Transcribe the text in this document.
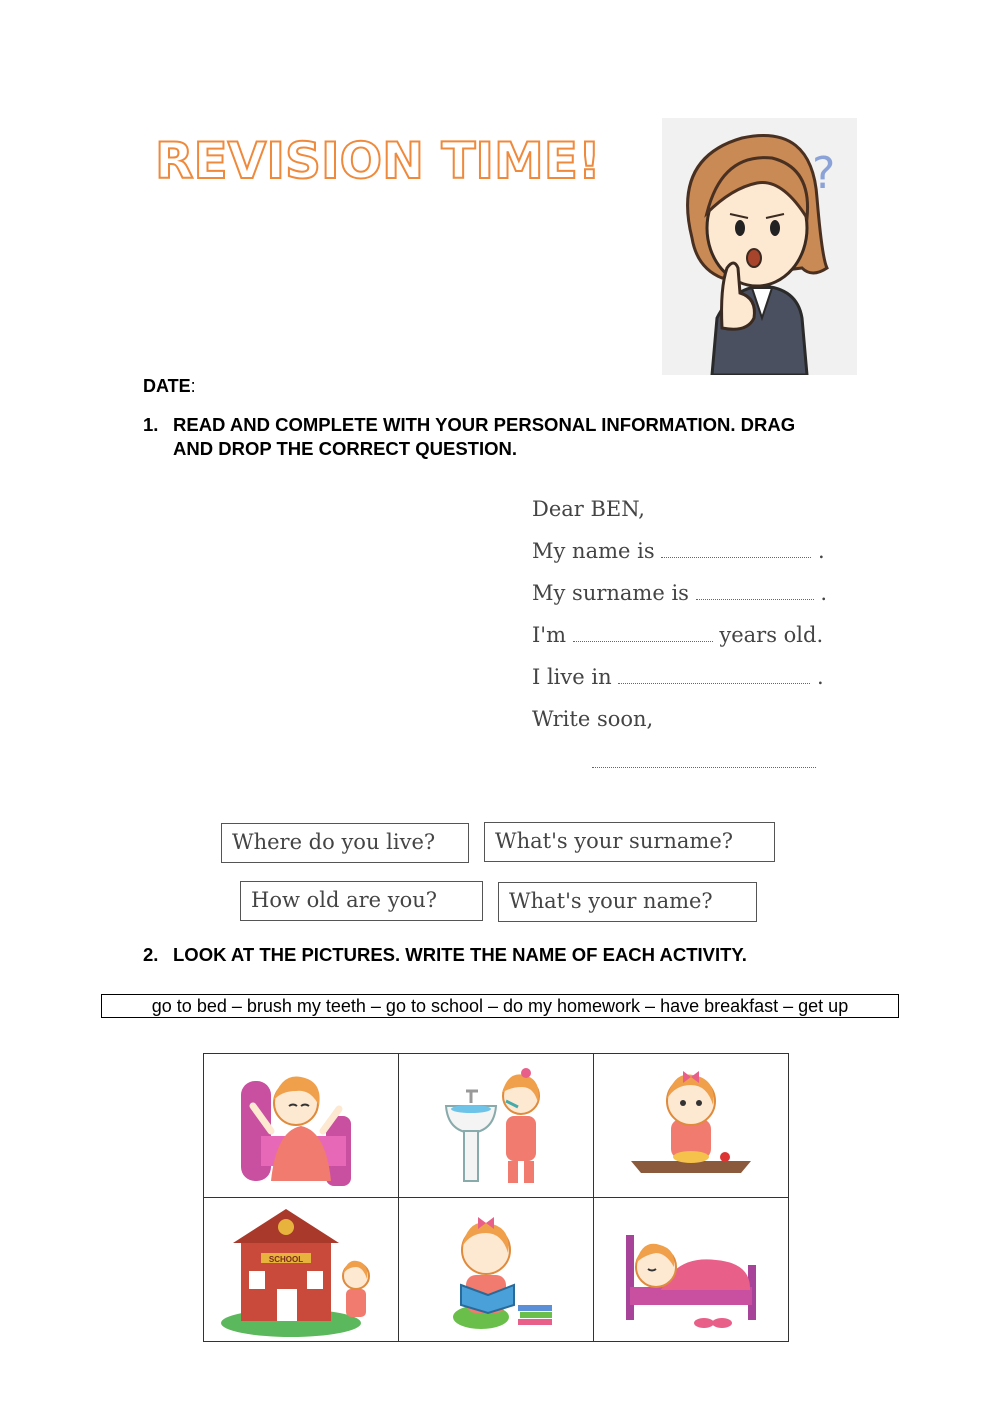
REVISION TIME!	?
DATE:
1. READ AND COMPLETE WITH YOUR PERSONAL INFORMATION. DRAG
AND DROP THE CORRECT QUESTION.
Dear BEN,
My name is	.
My surname is	.
I'm	years old.
I live in	.
Write soon,
Where do you live?	What's your surname?
How old are you?	What's your name?
2. LOOK AT THE PICTURES. WRITE THE NAME OF EACH ACTIVITY.
go to bed – brush my teeth – go to school – do my homework – have breakfast – get up

SCHOOL
